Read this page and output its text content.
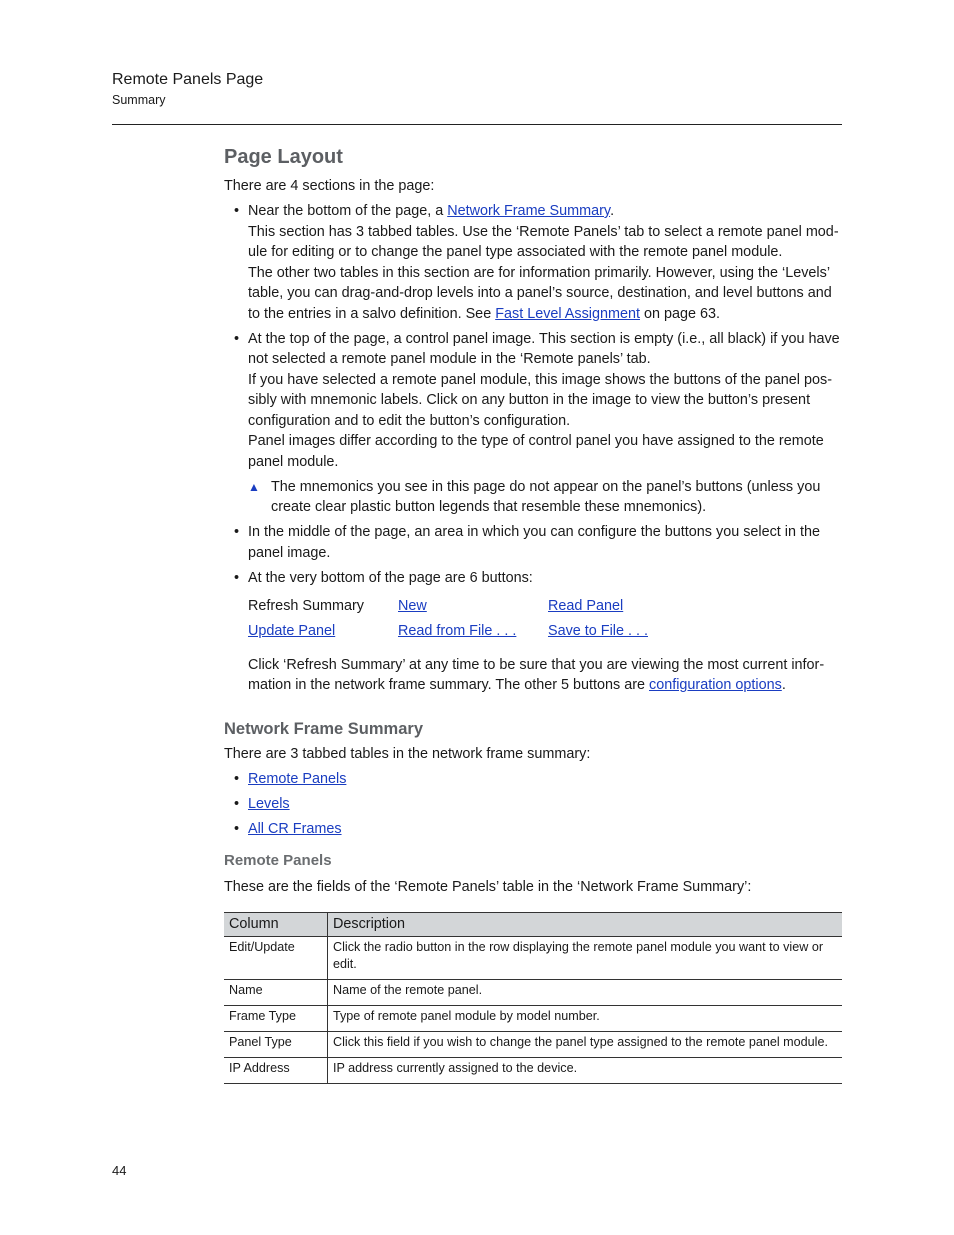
Remote Panels Page
Summary
Page Layout

There are 4 sections in the page:

• Near the bottom of the page, a Network Frame Summary.

This section has 3 tabbed tables. Use the ‘Remote Panels’ tab to select a remote panel module for editing or to change the panel type associated with the remote panel module.

The other two tables in this section are for information primarily. However, using the ‘Levels’ table, you can drag-and-drop levels into a panel’s source, destination, and level buttons and to the entries in a salvo definition. See Fast Level Assignment on page 63.

• At the top of the page, a control panel image. This section is empty (i.e., all black) if you have not selected a remote panel module in the ‘Remote panels’ tab.

If you have selected a remote panel module, this image shows the buttons of the panel possibly with mnemonic labels. Click on any button in the image to view the button’s present configuration and to edit the button’s configuration.

Panel images differ according to the type of control panel you have assigned to the remote panel module.

▲ The mnemonics you see in this page do not appear on the panel’s buttons (unless you create clear plastic button legends that resemble these mnemonics).
• In the middle of the page, an area in which you can configure the buttons you select in the panel image.
• At the very bottom of the page are 6 buttons:
Refresh Summary	New	Read Panel
Update Panel	Read from File . . .	Save to File . . .

Click ‘Refresh Summary’ at any time to be sure that you are viewing the most current information in the network frame summary. The other 5 buttons are configuration options.

Network Frame Summary

There are 3 tabbed tables in the network frame summary:

• Remote Panels
• Levels
• All CR Frames
Remote Panels

These are the fields of the ‘Remote Panels’ table in the ‘Network Frame Summary’:

Column	Description
Edit/Update	Click the radio button in the row displaying the remote panel module you want to view or edit.
Name	Name of the remote panel.
Frame Type	Type of remote panel module by model number.
Panel Type	Click this field if you wish to change the panel type assigned to the remote panel module.
IP Address	IP address currently assigned to the device.
44
